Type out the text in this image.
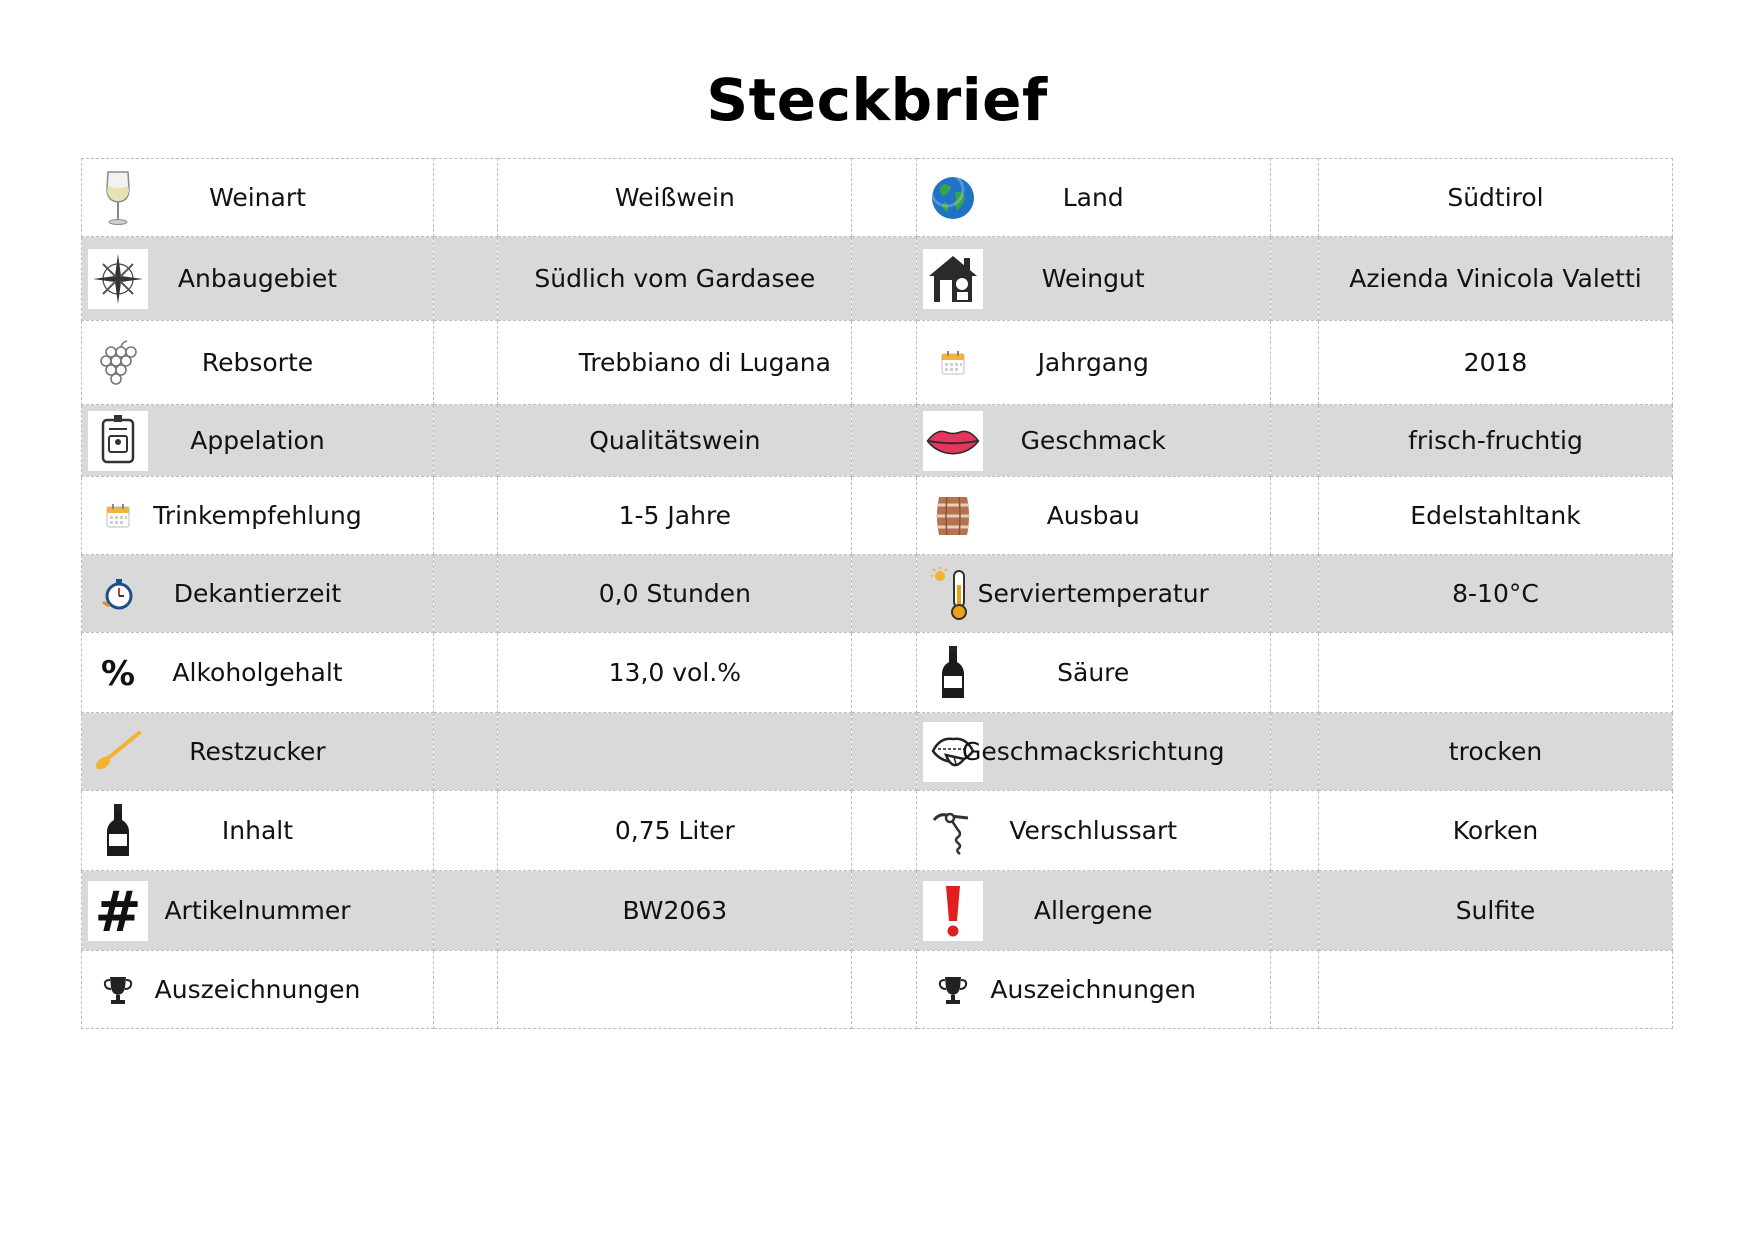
Steckbrief
Weinart		Weißwein		Land		Südtirol

Anbaugebiet		Südlich vom Gardasee		Weingut		Azienda Vinicola Valetti

Rebsorte		Trebbiano di Lugana		Jahrgang		2018

Appelation		Qualitätswein		Geschmack		frisch-fruchtig

Trinkempfehlung		1-5 Jahre		Ausbau		Edelstahltank

Dekantierzeit		0,0 Stunden		Serviertemperatur		8-10°C

% Alkoholgehalt		13,0 vol.%		Säure		

Restzucker				Geschmacksrichtung		trocken

Inhalt		0,75 Liter		Verschlussart		Korken

# Artikelnummer		BW2063		Allergene		Sulfite

Auszeichnungen				Auszeichnungen		
